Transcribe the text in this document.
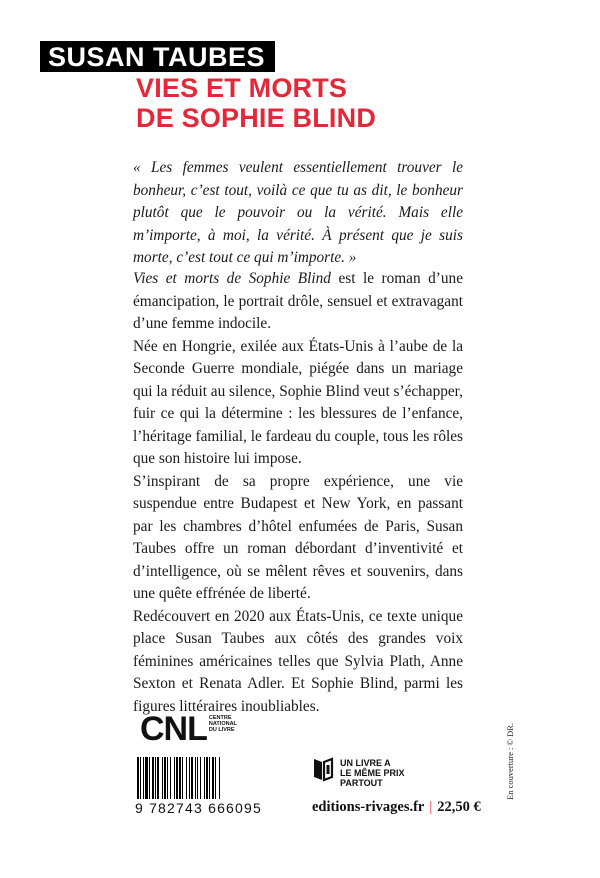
SUSAN TAUBES
VIES ET MORTS
DE SOPHIE BLIND
« Les femmes veulent essentiellement trouver le bonheur, c’est tout, voilà ce que tu as dit, le bonheur plutôt que le pouvoir ou la vérité. Mais elle m’importe, à moi, la vérité. À présent que je suis morte, c’est tout ce qui m’importe. »

Vies et morts de Sophie Blind est le roman d’une émancipation, le portrait drôle, sensuel et extravagant d’une femme indocile.

Née en Hongrie, exilée aux États-Unis à l’aube de la Seconde Guerre mondiale, piégée dans un mariage qui la réduit au silence, Sophie Blind veut s’échapper, fuir ce qui la détermine : les blessures de l’enfance, l’héritage familial, le fardeau du couple, tous les rôles que son histoire lui impose.

S’inspirant de sa propre expérience, une vie suspendue entre Budapest et New York, en passant par les chambres d’hôtel enfumées de Paris, Susan Taubes offre un roman débordant d’inventivité et d’intelligence, où se mêlent rêves et souvenirs, dans une quête effrénée de liberté.

Redécouvert en 2020 aux États-Unis, ce texte unique place Susan Taubes aux côtés des grandes voix féminines américaines telles que Sylvia Plath, Anne Sexton et Renata Adler. Et Sophie Blind, parmi les figures littéraires inoubliables.

CNL CENTRE
NATIONAL
DU LIVRE
9 782743 666095
UN LIVRE A
LE MÊME PRIX
PARTOUT
editions-rivages.fr | 22,50 €
En couverture : © DR.
